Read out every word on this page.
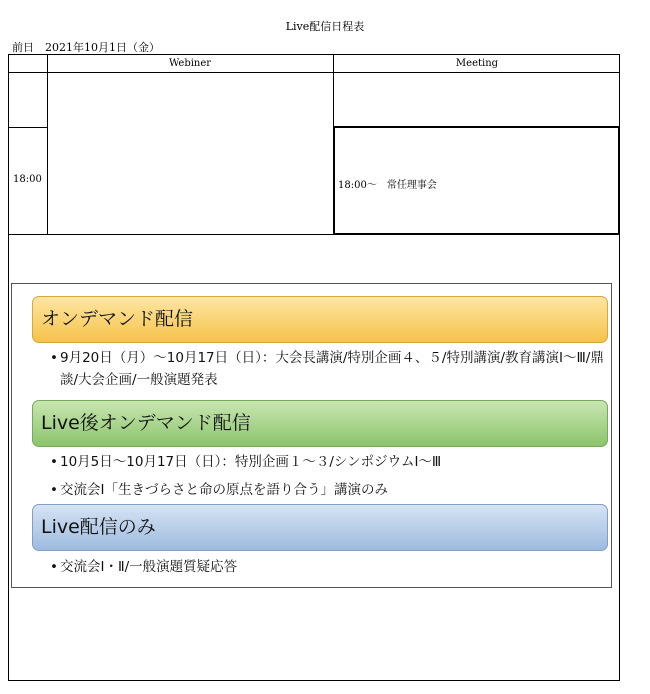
Live配信日程表
前日　2021年10月1日（金）
Webiner	Meeting
18:00
18:00～　常任理事会
オンデマンド配信
• 9月20日（月）～10月17日（日）：大会長講演/特別企画４、５/特別講演/教育講演Ⅰ～Ⅲ/鼎談/大会企画/一般演題発表
Live後オンデマンド配信
• 10月5日～10月17日（日）：特別企画１～３/シンポジウムⅠ～Ⅲ
• 交流会Ⅰ「生きづらさと命の原点を語り合う」講演のみ
Live配信のみ
• 交流会Ⅰ・Ⅱ/一般演題質疑応答
